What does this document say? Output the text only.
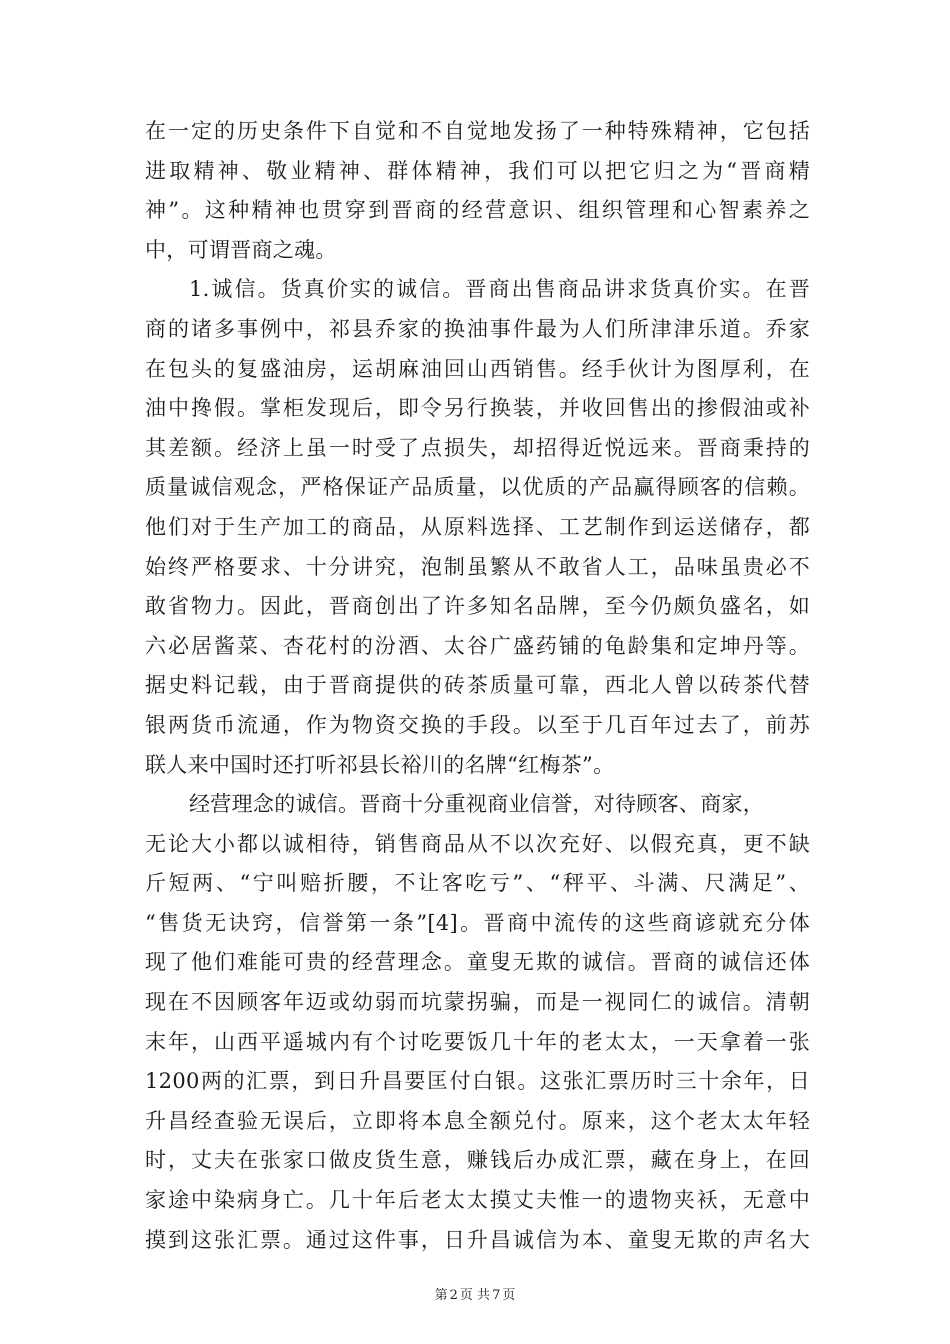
在一定的历史条件下自觉和不自觉地发扬了一种特殊精神，它包括
进取精神、敬业精神、群体精神，我们可以把它归之为“晋商精
神”。这种精神也贯穿到晋商的经营意识、组织管理和心智素养之
中，可谓晋商之魂。
1.诚信。货真价实的诚信。晋商出售商品讲求货真价实。在晋
商的诸多事例中，祁县乔家的换油事件最为人们所津津乐道。乔家
在包头的复盛油房，运胡麻油回山西销售。经手伙计为图厚利，在
油中搀假。掌柜发现后，即令另行换装，并收回售出的掺假油或补
其差额。经济上虽一时受了点损失，却招得近悦远来。晋商秉持的
质量诚信观念，严格保证产品质量，以优质的产品赢得顾客的信赖。
他们对于生产加工的商品，从原料选择、工艺制作到运送储存，都
始终严格要求、十分讲究，泡制虽繁从不敢省人工，品味虽贵必不
敢省物力。因此，晋商创出了许多知名品牌，至今仍颇负盛名，如
六必居酱菜、杏花村的汾酒、太谷广盛药铺的龟龄集和定坤丹等。
据史料记载，由于晋商提供的砖茶质量可靠，西北人曾以砖茶代替
银两货币流通，作为物资交换的手段。以至于几百年过去了，前苏
联人来中国时还打听祁县长裕川的名牌“红梅茶”。
经营理念的诚信。晋商十分重视商业信誉，对待顾客、商家，
无论大小都以诚相待，销售商品从不以次充好、以假充真，更不缺
斤短两、“宁叫赔折腰，不让客吃亏”、“秤平、斗满、尺满足”、
“售货无诀窍，信誉第一条”[4]。晋商中流传的这些商谚就充分体
现了他们难能可贵的经营理念。童叟无欺的诚信。晋商的诚信还体
现在不因顾客年迈或幼弱而坑蒙拐骗，而是一视同仁的诚信。清朝
末年，山西平遥城内有个讨吃要饭几十年的老太太，一天拿着一张
1200两的汇票，到日升昌要匡付白银。这张汇票历时三十余年，日
升昌经查验无误后，立即将本息全额兑付。原来，这个老太太年轻
时，丈夫在张家口做皮货生意，赚钱后办成汇票，藏在身上，在回
家途中染病身亡。几十年后老太太摸丈夫惟一的遗物夹袄，无意中
摸到这张汇票。通过这件事，日升昌诚信为本、童叟无欺的声名大
第 2 页 共 7 页
